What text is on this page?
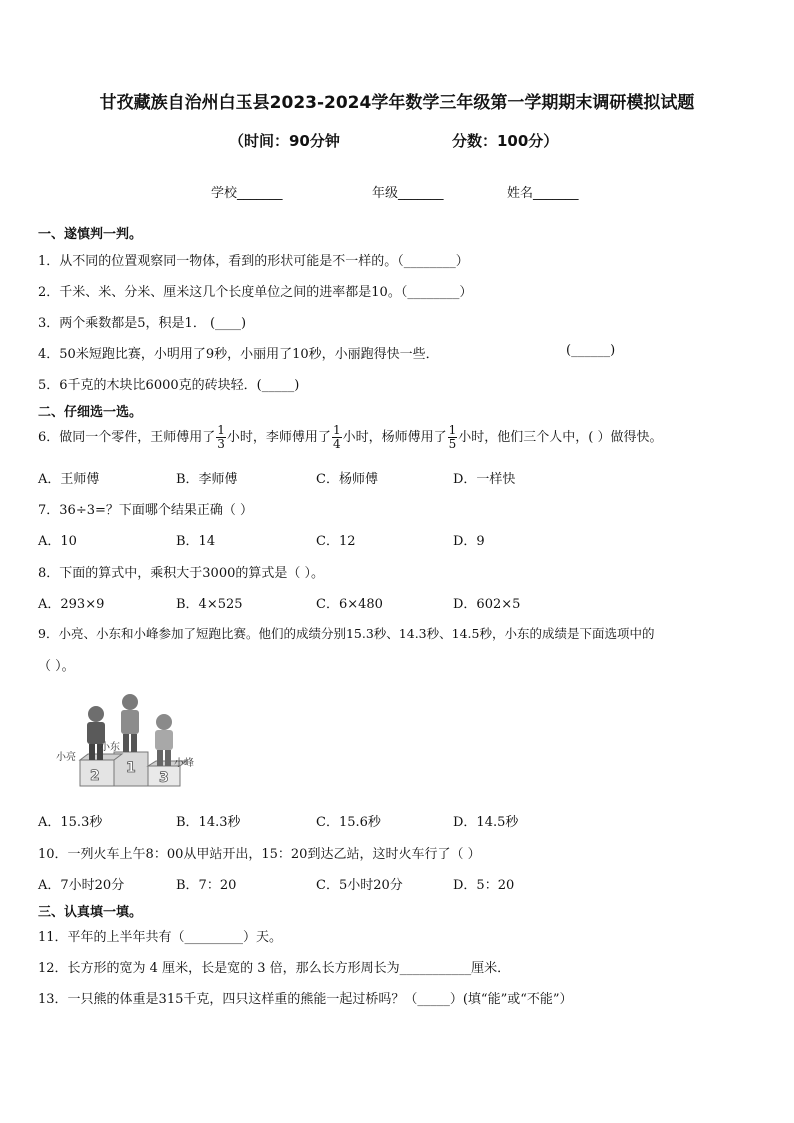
甘孜藏族自治州白玉县2023-2024学年数学三年级第一学期期末调研模拟试题
（时间：90分钟	分数：100分）
学校_______	年级_______	姓名_______
一、遂慎判一判。
1．从不同的位置观察同一物体，看到的形状可能是不一样的。（________）
2．千米、米、分米、厘米这几个长度单位之间的进率都是10。（________）
3．两个乘数都是5，积是1． (____)
4．50米短跑比赛，小明用了9秒，小丽用了10秒，小丽跑得快一些．	(______)
5．6千克的木块比6000克的砖块轻．(_____)
二、仔细选一选。
6．做同一个零件，王师傅用了 $\frac{1}{3}$ 小时，李师傅用了 $\frac{1}{4}$ 小时，杨师傅用了 $\frac{1}{5}$ 小时，他们三个人中，( ）做得快。
A．王师傅	B．李师傅	C．杨师傅	D．一样快
7．36÷3=？下面哪个结果正确（ ）
A．10	B．14	C．12	D．9
8．下面的算式中，乘积大于3000的算式是（ ）。
A．293×9	B．4×525	C．6×480	D．602×5
9．小亮、小东和小峰参加了短跑比赛。他们的成绩分别15.3秒、14.3秒、14.5秒，小东的成绩是下面选项中的
（ ）。
小亮
小东
小峰
2 1
3
A．15.3秒	B．14.3秒	C．15.6秒	D．14.5秒
10．一列火车上午8：00从甲站开出，15：20到达乙站，这时火车行了（ ）
A．7小时20分	B．7：20	C．5小时20分	D．5：20
三、认真填一填。
11．平年的上半年共有（_________）天。
12．长方形的宽为 4 厘米，长是宽的 3 倍，那么长方形周长为___________厘米．
13．一只熊的体重是315千克，四只这样重的熊能一起过桥吗？（_____）(填“能”或“不能”）
